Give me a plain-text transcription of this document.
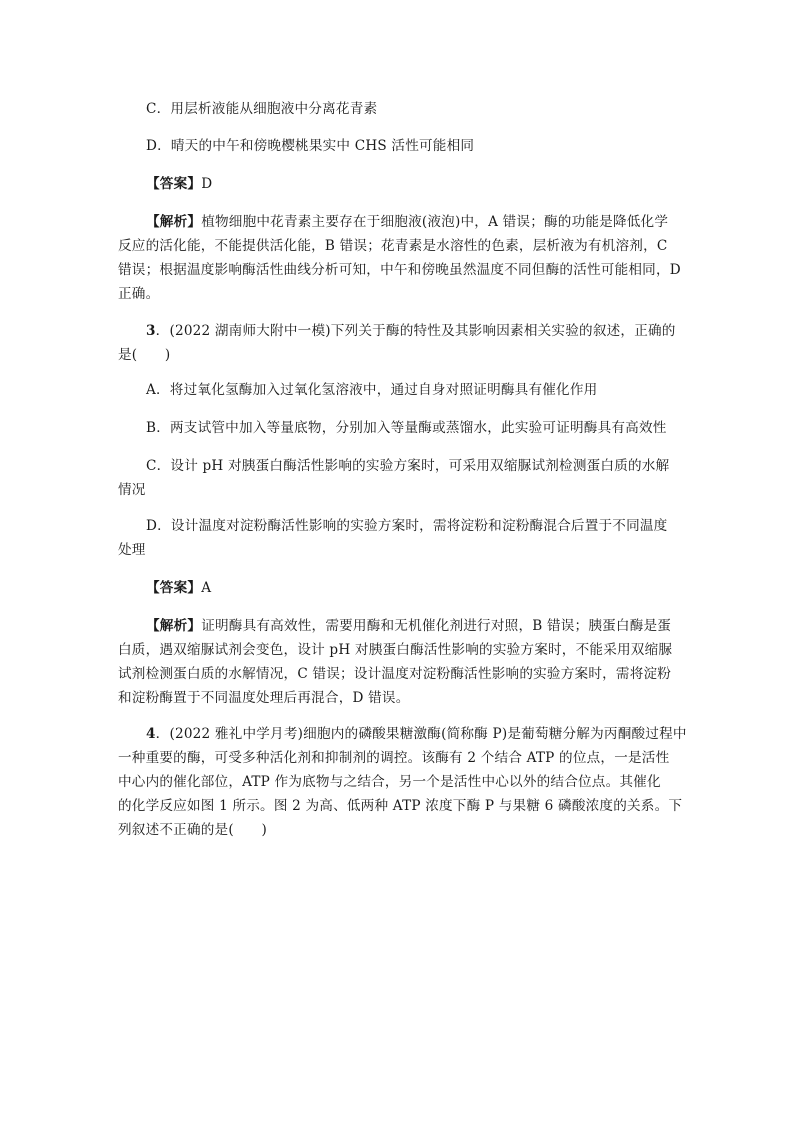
C．用层析液能从细胞液中分离花青素
D．晴天的中午和傍晚樱桃果实中 CHS 活性可能相同
【答案】D
【解析】植物细胞中花青素主要存在于细胞液(液泡)中，A 错误；酶的功能是降低化学
反应的活化能，不能提供活化能，B 错误；花青素是水溶性的色素，层析液为有机溶剂，C
错误；根据温度影响酶活性曲线分析可知，中午和傍晚虽然温度不同但酶的活性可能相同，D
正确。
3．(2022 湖南师大附中一模)下列关于酶的特性及其影响因素相关实验的叙述，正确的
是(　　)
A．将过氧化氢酶加入过氧化氢溶液中，通过自身对照证明酶具有催化作用
B．两支试管中加入等量底物，分别加入等量酶或蒸馏水，此实验可证明酶具有高效性
C．设计 pH 对胰蛋白酶活性影响的实验方案时，可采用双缩脲试剂检测蛋白质的水解
情况
D．设计温度对淀粉酶活性影响的实验方案时，需将淀粉和淀粉酶混合后置于不同温度
处理
【答案】A
【解析】证明酶具有高效性，需要用酶和无机催化剂进行对照，B 错误；胰蛋白酶是蛋
白质，遇双缩脲试剂会变色，设计 pH 对胰蛋白酶活性影响的实验方案时，不能采用双缩脲
试剂检测蛋白质的水解情况，C 错误；设计温度对淀粉酶活性影响的实验方案时，需将淀粉
和淀粉酶置于不同温度处理后再混合，D 错误。
4．(2022 雅礼中学月考)细胞内的磷酸果糖激酶(简称酶 P)是葡萄糖分解为丙酮酸过程中
一种重要的酶，可受多种活化剂和抑制剂的调控。该酶有 2 个结合 ATP 的位点，一是活性
中心内的催化部位，ATP 作为底物与之结合，另一个是活性中心以外的结合位点。其催化
的化学反应如图 1 所示。图 2 为高、低两种 ATP 浓度下酶 P 与果糖 6 磷酸浓度的关系。下
列叙述不正确的是(　　)
